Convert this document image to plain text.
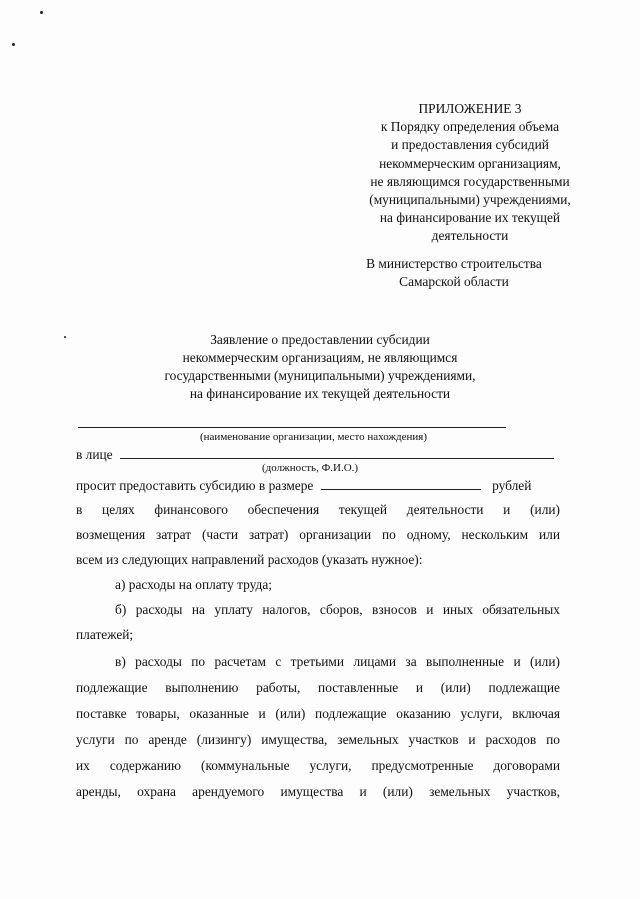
ПРИЛОЖЕНИЕ 3
к Порядку определения объема
и предоставления субсидий
некоммерческим организациям,
не являющимся государственными
(муниципальными) учреждениями,
на финансирование их текущей
деятельности
В министерство строительства
Самарской области
Заявление о предоставлении субсидии
некоммерческим организациям, не являющимся
государственными (муниципальными) учреждениями,
на финансирование их текущей деятельности
(наименование организации, место нахождения)
в лице
(должность, Ф.И.О.)
просит предоставить субсидию в размере	рублей
в целях финансового обеспечения текущей деятельности и (или)
возмещения затрат (части затрат) организации по одному, нескольким или
всем из следующих направлений расходов (указать нужное):
а) расходы на оплату труда;
б) расходы на уплату налогов, сборов, взносов и иных обязательных
платежей;
в) расходы по расчетам с третьими лицами за выполненные и (или)
подлежащие выполнению работы, поставленные и (или) подлежащие
поставке товары, оказанные и (или) подлежащие оказанию услуги, включая
услуги по аренде (лизингу) имущества, земельных участков и расходов по
их содержанию (коммунальные услуги, предусмотренные договорами
аренды, охрана арендуемого имущества и (или) земельных участков,
